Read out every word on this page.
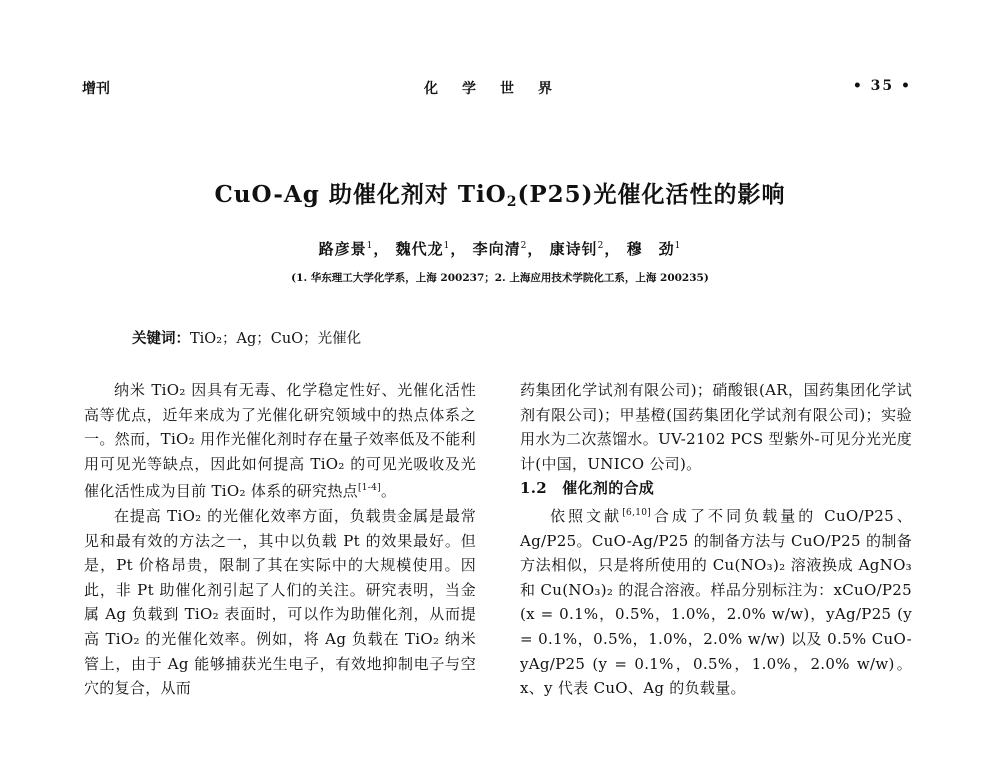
增刊	化学世界	• 35 •
CuO-Ag 助催化剂对 TiO$_2$(P25)光催化活性的影响
路彦景$^1$， 魏代龙$^1$， 李向清$^2$， 康诗钊$^2$， 穆　劲$^1$
(1. 华东理工大学化学系，上海 200237；2. 上海应用技术学院化工系，上海 200235)
关键词：TiO₂；Ag；CuO；光催化

纳米 TiO₂ 因具有无毒、化学稳定性好、光催化活性高等优点，近年来成为了光催化研究领域中的热点体系之一。然而，TiO₂ 用作光催化剂时存在量子效率低及不能利用可见光等缺点，因此如何提高 TiO₂ 的可见光吸收及光催化活性成为目前 TiO₂ 体系的研究热点[1-4]。

在提高 TiO₂ 的光催化效率方面，负载贵金属是最常见和最有效的方法之一，其中以负载 Pt 的效果最好。但是，Pt 价格昂贵，限制了其在实际中的大规模使用。因此，非 Pt 助催化剂引起了人们的关注。研究表明，当金属 Ag 负载到 TiO₂ 表面时，可以作为助催化剂，从而提高 TiO₂ 的光催化效率。例如，将 Ag 负载在 TiO₂ 纳米管上，由于 Ag 能够捕获光生电子，有效地抑制电子与空穴的复合，从而

药集团化学试剂有限公司)；硝酸银(AR，国药集团化学试剂有限公司)；甲基橙(国药集团化学试剂有限公司)；实验用水为二次蒸馏水。UV-2102 PCS 型紫外-可见分光光度计(中国，UNICO 公司)。

1.2　催化剂的合成

依照文献[6,10]合成了不同负载量的 CuO/P25、Ag/P25。CuO-Ag/P25 的制备方法与 CuO/P25 的制备方法相似，只是将所使用的 Cu(NO₃)₂ 溶液换成 AgNO₃ 和 Cu(NO₃)₂ 的混合溶液。样品分别标注为：xCuO/P25 (x = 0.1%，0.5%，1.0%，2.0% w/w)，yAg/P25 (y = 0.1%，0.5%，1.0%，2.0% w/w) 以及 0.5% CuO-yAg/P25 (y = 0.1%，0.5%，1.0%，2.0% w/w)。x、y 代表 CuO、Ag 的负载量。
